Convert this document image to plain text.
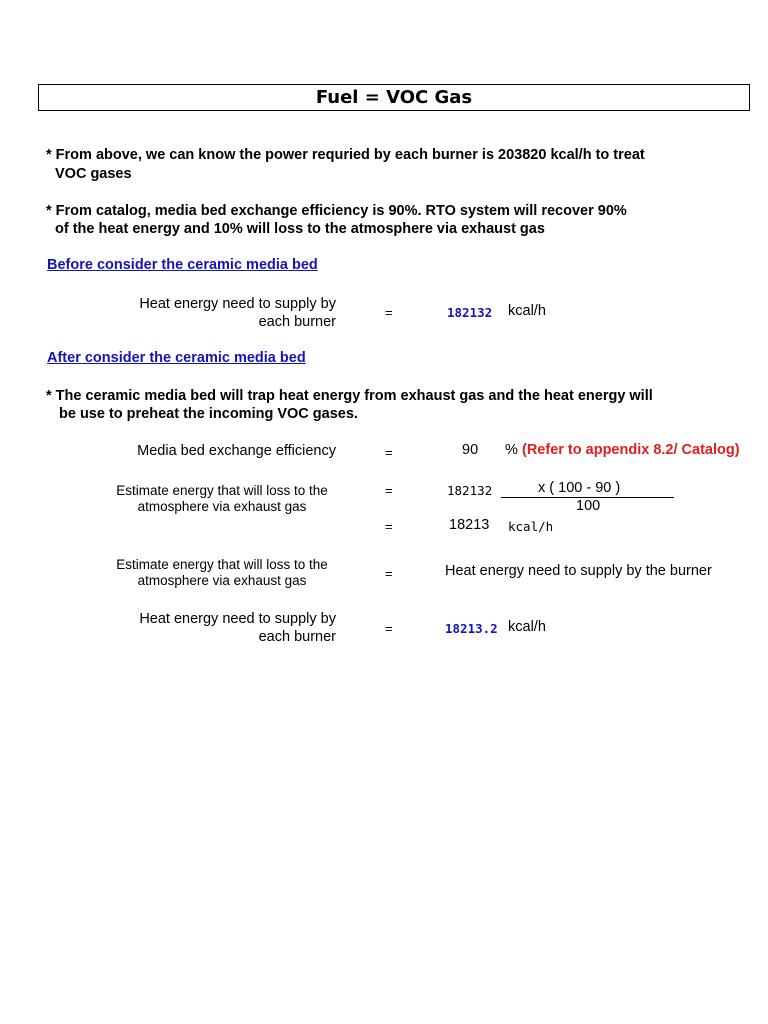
Fuel = VOC Gas
* From above, we can know the power requried by each burner is 203820 kcal/h to treat
VOC gases
* From catalog, media bed exchange efficiency is 90%. RTO system will recover 90%
of the heat energy and 10% will loss to the atmosphere via exhaust gas
Before consider the ceramic media bed
Heat energy need to supply by
each burner
=	182132 kcal/h
After consider the ceramic media bed
* The ceramic media bed will trap heat energy from exhaust gas and the heat energy will
be use to preheat the incoming VOC gases.
Media bed exchange efficiency	=	90 % (Refer to appendix 8.2/ Catalog)
Estimate energy that will loss to the
atmosphere via exhaust gas
=	182132	x ( 100 - 90 )
100
=	18213 kcal/h
Estimate energy that will loss to the
atmosphere via exhaust gas	=	Heat energy need to supply by the burner
Heat energy need to supply by
each burner
=	18213.2 kcal/h
